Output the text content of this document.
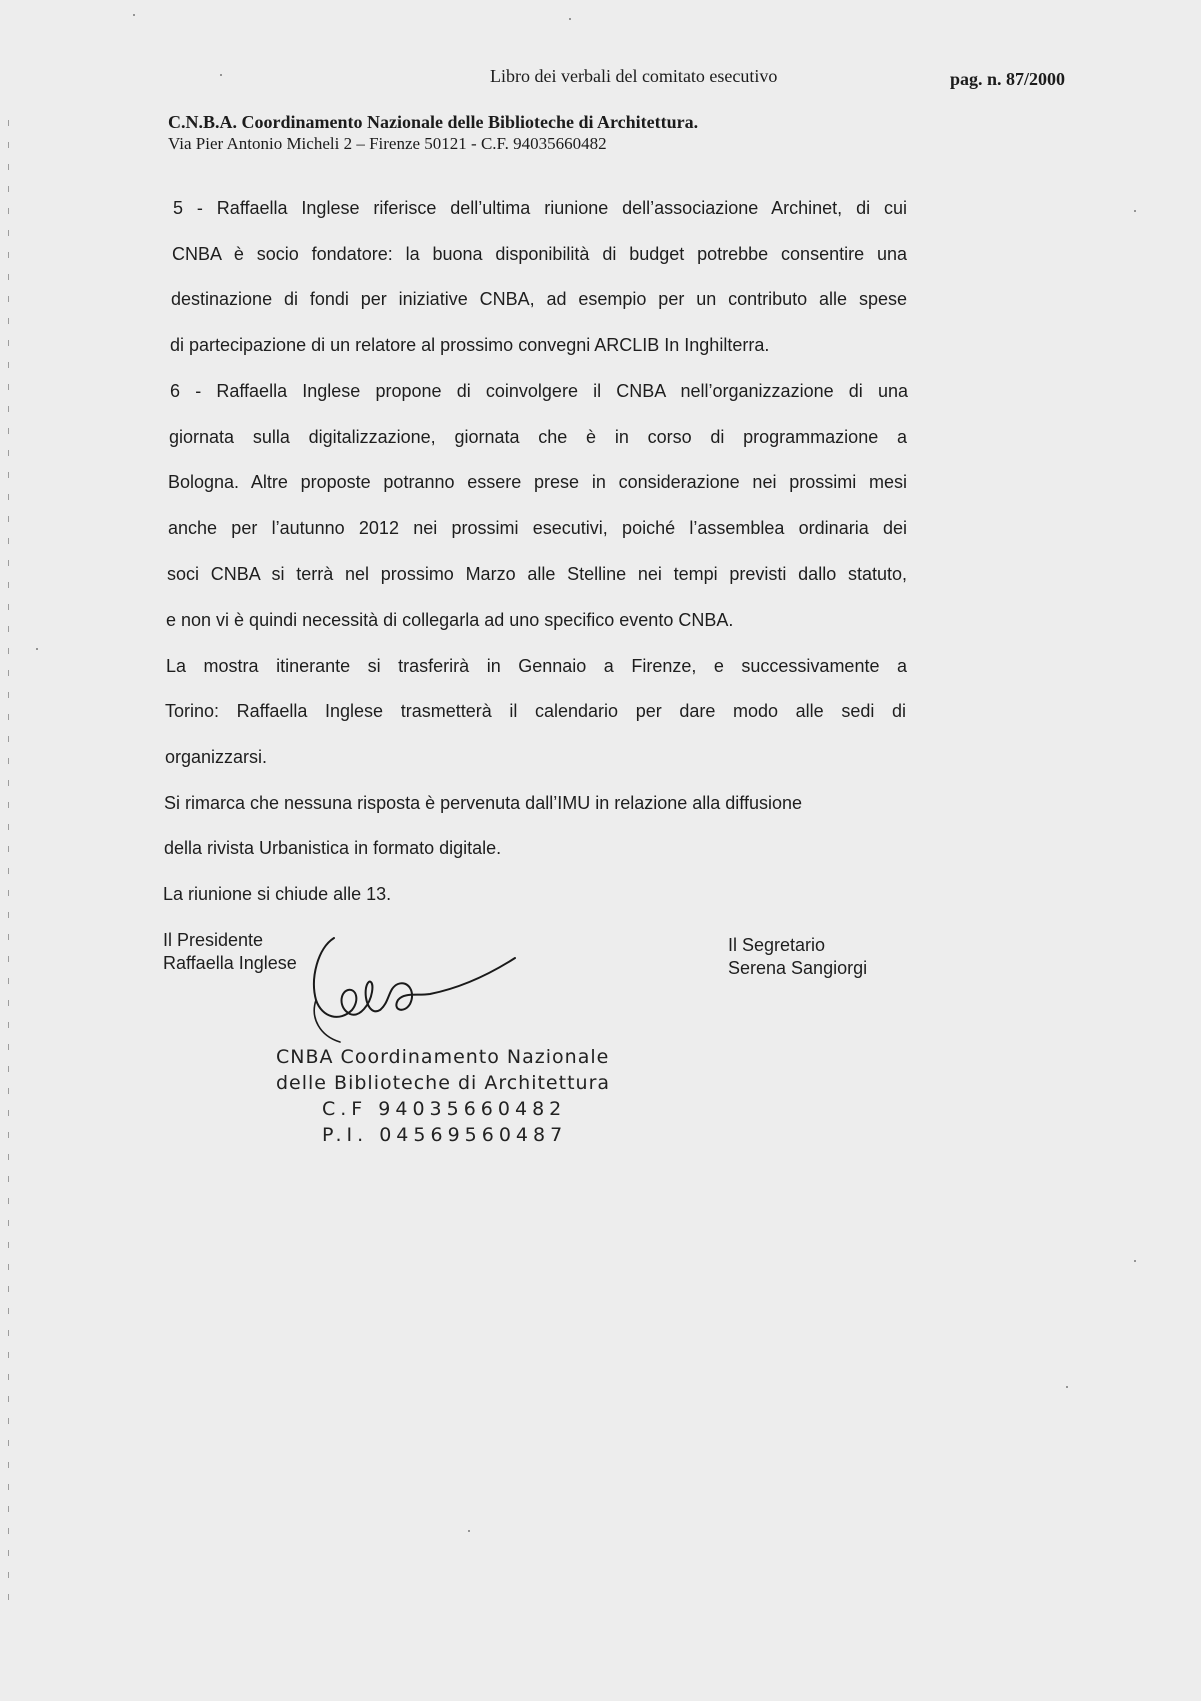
Libro dei verbali del comitato esecutivo	pag. n. 87/2000
C.N.B.A. Coordinamento Nazionale delle Biblioteche di Architettura.
Via Pier Antonio Micheli 2 – Firenze 50121 - C.F. 94035660482
5 - Raffaella Inglese riferisce dell’ultima riunione dell’associazione Archinet, di cui
CNBA è socio fondatore: la buona disponibilità di budget potrebbe consentire una
destinazione di fondi per iniziative CNBA, ad esempio per un contributo alle spese
di partecipazione di un relatore al prossimo convegni ARCLIB In Inghilterra.
6 - Raffaella Inglese propone di coinvolgere il CNBA nell’organizzazione di una
giornata sulla digitalizzazione, giornata che è in corso di programmazione a
Bologna. Altre proposte potranno essere prese in considerazione nei prossimi mesi
anche per l’autunno 2012 nei prossimi esecutivi, poiché l’assemblea ordinaria dei
soci CNBA si terrà nel prossimo Marzo alle Stelline nei tempi previsti dallo statuto,
e non vi è quindi necessità di collegarla ad uno specifico evento CNBA.
La mostra itinerante si trasferirà in Gennaio a Firenze, e successivamente a
Torino: Raffaella Inglese trasmetterà il calendario per dare modo alle sedi di
organizzarsi.
Si rimarca che nessuna risposta è pervenuta dall’IMU in relazione alla diffusione
della rivista Urbanistica in formato digitale.
La riunione si chiude alle 13.
Il Presidente
Raffaella Inglese
Il Segretario
Serena Sangiorgi
CNBA Coordinamento Nazionale
delle Biblioteche di Architettura
C.F 94035660482
P.I. 04569560487
